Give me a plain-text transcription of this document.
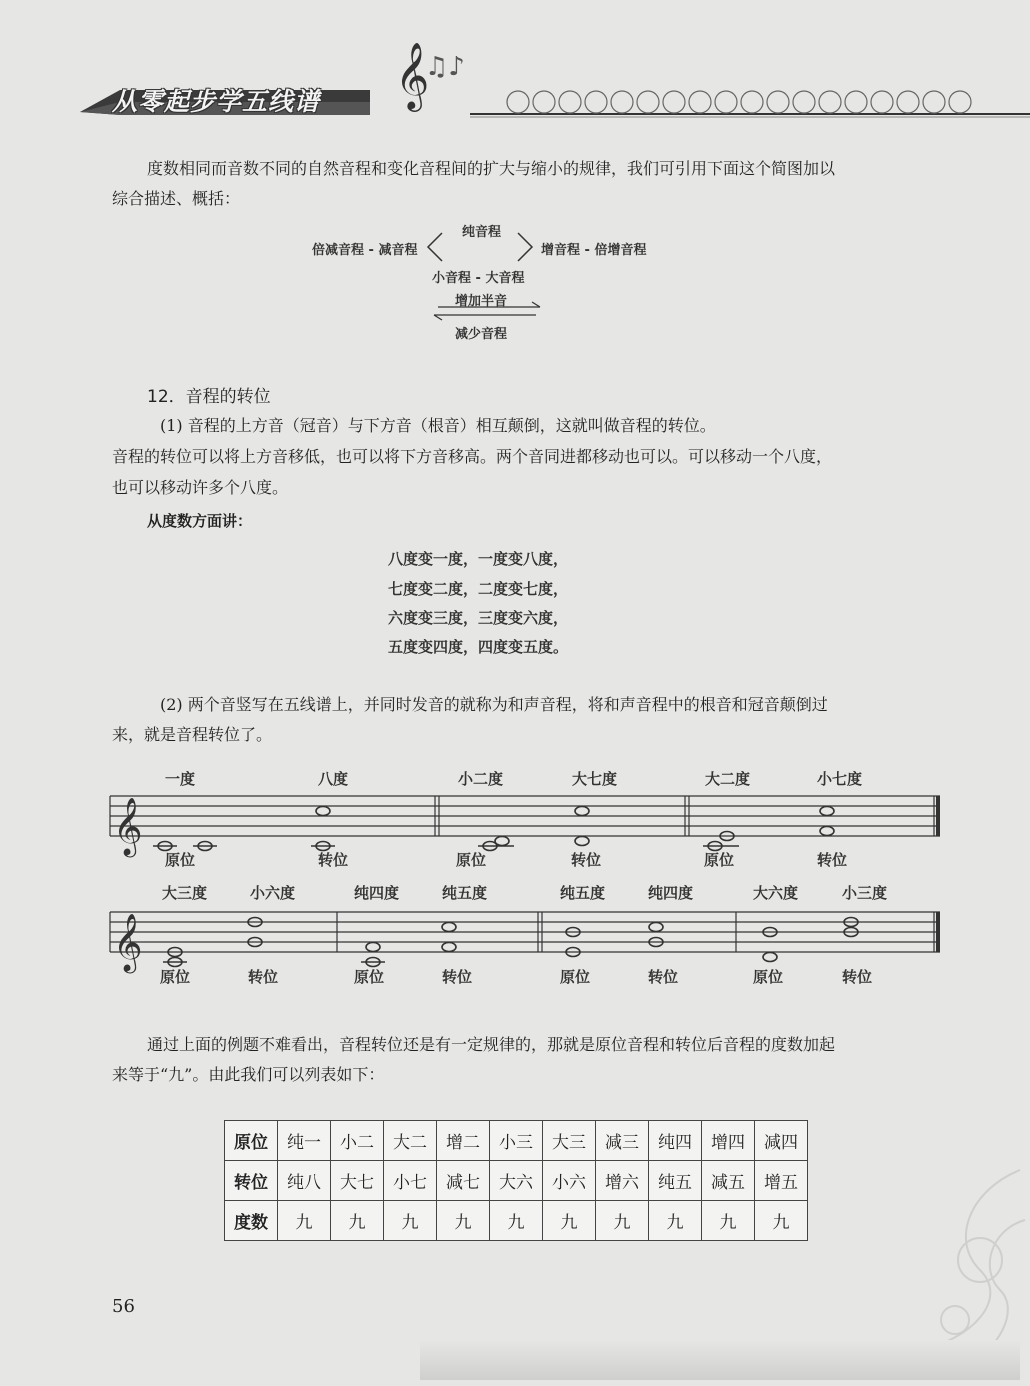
𝄞
♫♪
从零起步学五线谱
度数相同而音数不同的自然音程和变化音程间的扩大与缩小的规律，我们可引用下面这个简图加以
综合描述、概括：
纯音程
倍减音程 - 减音程	增音程 - 倍增音程
小音程 - 大音程
增加半音
减少音程
12．音程的转位
(1) 音程的上方音（冠音）与下方音（根音）相互颠倒，这就叫做音程的转位。
音程的转位可以将上方音移低，也可以将下方音移高。两个音同进都移动也可以。可以移动一个八度，
也可以移动许多个八度。
从度数方面讲：
八度变一度，一度变八度，
七度变二度，二度变七度，
六度变三度，三度变六度，
五度变四度，四度变五度。
(2) 两个音竖写在五线谱上，并同时发音的就称为和声音程，将和声音程中的根音和冠音颠倒过
来，就是音程转位了。
一度	八度	小二度	大七度	大二度	小七度
𝄞
原位	转位	原位	转位	原位	转位
大三度	小六度	纯四度	纯五度	纯五度	纯四度	大六度	小三度
𝄞
原位	转位	原位	转位	原位	转位	原位	转位
通过上面的例题不难看出，音程转位还是有一定规律的，那就是原位音程和转位后音程的度数加起
来等于“九”。由此我们可以列表如下：
原位	纯一	小二	大二	增二	小三	大三	减三	纯四	增四	减四
转位	纯八	大七	小七	减七	大六	小六	增六	纯五	减五	增五
度数	九	九	九	九	九	九	九	九	九	九
56
